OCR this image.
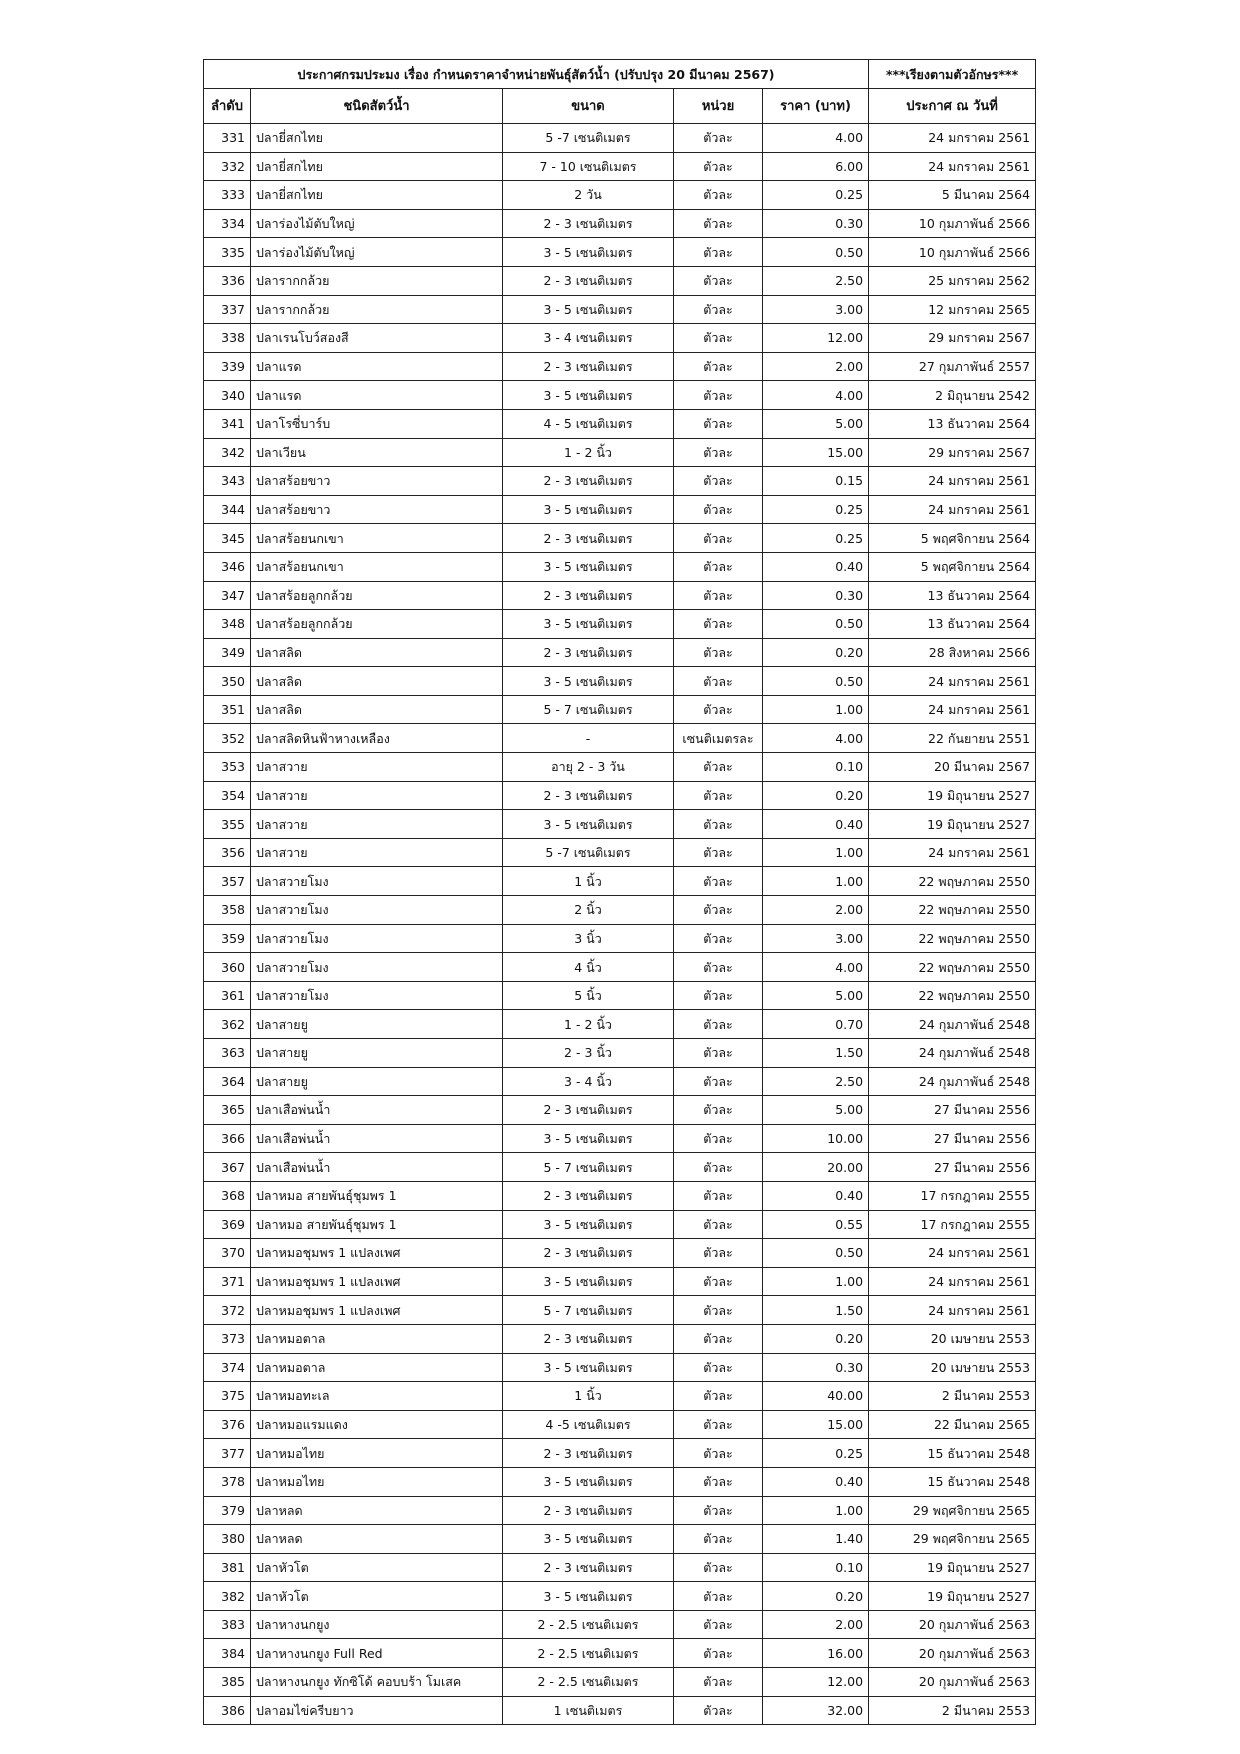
ประกาศกรมประมง เรื่อง กำหนดราคาจำหน่ายพันธุ์สัตว์น้ำ (ปรับปรุง 20 มีนาคม 2567)					***เรียงตามตัวอักษร***
ลำดับ	ชนิดสัตว์น้ำ	ขนาด	หน่วย	ราคา (บาท)	ประกาศ ณ วันที่
331	ปลายี่สกไทย	5 -7 เซนติเมตร	ตัวละ	4.00	24 มกราคม 2561
332	ปลายี่สกไทย	7 - 10 เซนติเมตร	ตัวละ	6.00	24 มกราคม 2561
333	ปลายี่สกไทย	2 วัน	ตัวละ	0.25	5 มีนาคม 2564
334	ปลาร่องไม้ตับใหญ่	2 - 3 เซนติเมตร	ตัวละ	0.30	10 กุมภาพันธ์ 2566
335	ปลาร่องไม้ตับใหญ่	3 - 5 เซนติเมตร	ตัวละ	0.50	10 กุมภาพันธ์ 2566
336	ปลารากกล้วย	2 - 3 เซนติเมตร	ตัวละ	2.50	25 มกราคม 2562
337	ปลารากกล้วย	3 - 5 เซนติเมตร	ตัวละ	3.00	12 มกราคม 2565
338	ปลาเรนโบว์สองสี	3 - 4 เซนติเมตร	ตัวละ	12.00	29 มกราคม 2567
339	ปลาแรด	2 - 3 เซนติเมตร	ตัวละ	2.00	27 กุมภาพันธ์ 2557
340	ปลาแรด	3 - 5 เซนติเมตร	ตัวละ	4.00	2 มิถุนายน 2542
341	ปลาโรซี่บาร์บ	4 - 5 เซนติเมตร	ตัวละ	5.00	13 ธันวาคม 2564
342	ปลาเวียน	1 - 2 นิ้ว	ตัวละ	15.00	29 มกราคม 2567
343	ปลาสร้อยขาว	2 - 3 เซนติเมตร	ตัวละ	0.15	24 มกราคม 2561
344	ปลาสร้อยขาว	3 - 5 เซนติเมตร	ตัวละ	0.25	24 มกราคม 2561
345	ปลาสร้อยนกเขา	2 - 3 เซนติเมตร	ตัวละ	0.25	5 พฤศจิกายน 2564
346	ปลาสร้อยนกเขา	3 - 5 เซนติเมตร	ตัวละ	0.40	5 พฤศจิกายน 2564
347	ปลาสร้อยลูกกล้วย	2 - 3 เซนติเมตร	ตัวละ	0.30	13 ธันวาคม 2564
348	ปลาสร้อยลูกกล้วย	3 - 5 เซนติเมตร	ตัวละ	0.50	13 ธันวาคม 2564
349	ปลาสลิด	2 - 3 เซนติเมตร	ตัวละ	0.20	28 สิงหาคม 2566
350	ปลาสลิด	3 - 5 เซนติเมตร	ตัวละ	0.50	24 มกราคม 2561
351	ปลาสลิด	5 - 7 เซนติเมตร	ตัวละ	1.00	24 มกราคม 2561
352	ปลาสลิดหินฟ้าหางเหลือง	-	เซนติเมตรละ	4.00	22 กันยายน 2551
353	ปลาสวาย	อายุ 2 - 3 วัน	ตัวละ	0.10	20 มีนาคม 2567
354	ปลาสวาย	2 - 3 เซนติเมตร	ตัวละ	0.20	19 มิถุนายน 2527
355	ปลาสวาย	3 - 5 เซนติเมตร	ตัวละ	0.40	19 มิถุนายน 2527
356	ปลาสวาย	5 -7 เซนติเมตร	ตัวละ	1.00	24 มกราคม 2561
357	ปลาสวายโมง	1 นิ้ว	ตัวละ	1.00	22 พฤษภาคม 2550
358	ปลาสวายโมง	2 นิ้ว	ตัวละ	2.00	22 พฤษภาคม 2550
359	ปลาสวายโมง	3 นิ้ว	ตัวละ	3.00	22 พฤษภาคม 2550
360	ปลาสวายโมง	4 นิ้ว	ตัวละ	4.00	22 พฤษภาคม 2550
361	ปลาสวายโมง	5 นิ้ว	ตัวละ	5.00	22 พฤษภาคม 2550
362	ปลาสายยู	1 - 2 นิ้ว	ตัวละ	0.70	24 กุมภาพันธ์ 2548
363	ปลาสายยู	2 - 3 นิ้ว	ตัวละ	1.50	24 กุมภาพันธ์ 2548
364	ปลาสายยู	3 - 4 นิ้ว	ตัวละ	2.50	24 กุมภาพันธ์ 2548
365	ปลาเสือพ่นน้ำ	2 - 3 เซนติเมตร	ตัวละ	5.00	27 มีนาคม 2556
366	ปลาเสือพ่นน้ำ	3 - 5 เซนติเมตร	ตัวละ	10.00	27 มีนาคม 2556
367	ปลาเสือพ่นน้ำ	5 - 7 เซนติเมตร	ตัวละ	20.00	27 มีนาคม 2556
368	ปลาหมอ สายพันธุ์ชุมพร 1	2 - 3 เซนติเมตร	ตัวละ	0.40	17 กรกฎาคม 2555
369	ปลาหมอ สายพันธุ์ชุมพร 1	3 - 5 เซนติเมตร	ตัวละ	0.55	17 กรกฎาคม 2555
370	ปลาหมอชุมพร 1 แปลงเพศ	2 - 3 เซนติเมตร	ตัวละ	0.50	24 มกราคม 2561
371	ปลาหมอชุมพร 1 แปลงเพศ	3 - 5 เซนติเมตร	ตัวละ	1.00	24 มกราคม 2561
372	ปลาหมอชุมพร 1 แปลงเพศ	5 - 7 เซนติเมตร	ตัวละ	1.50	24 มกราคม 2561
373	ปลาหมอตาล	2 - 3 เซนติเมตร	ตัวละ	0.20	20 เมษายน 2553
374	ปลาหมอตาล	3 - 5 เซนติเมตร	ตัวละ	0.30	20 เมษายน 2553
375	ปลาหมอทะเล	1 นิ้ว	ตัวละ	40.00	2 มีนาคม 2553
376	ปลาหมอแรมแดง	4 -5 เซนติเมตร	ตัวละ	15.00	22 มีนาคม 2565
377	ปลาหมอไทย	2 - 3 เซนติเมตร	ตัวละ	0.25	15 ธันวาคม 2548
378	ปลาหมอไทย	3 - 5 เซนติเมตร	ตัวละ	0.40	15 ธันวาคม 2548
379	ปลาหลด	2 - 3 เซนติเมตร	ตัวละ	1.00	29 พฤศจิกายน 2565
380	ปลาหลด	3 - 5 เซนติเมตร	ตัวละ	1.40	29 พฤศจิกายน 2565
381	ปลาหัวโต	2 - 3 เซนติเมตร	ตัวละ	0.10	19 มิถุนายน 2527
382	ปลาหัวโต	3 - 5 เซนติเมตร	ตัวละ	0.20	19 มิถุนายน 2527
383	ปลาหางนกยูง	2 - 2.5 เซนติเมตร	ตัวละ	2.00	20 กุมภาพันธ์ 2563
384	ปลาหางนกยูง Full Red	2 - 2.5 เซนติเมตร	ตัวละ	16.00	20 กุมภาพันธ์ 2563
385	ปลาหางนกยูง ทักซิโด้ คอบบร้า โมเสค	2 - 2.5 เซนติเมตร	ตัวละ	12.00	20 กุมภาพันธ์ 2563
386	ปลาอมไข่ครีบยาว	1 เซนติเมตร	ตัวละ	32.00	2 มีนาคม 2553
